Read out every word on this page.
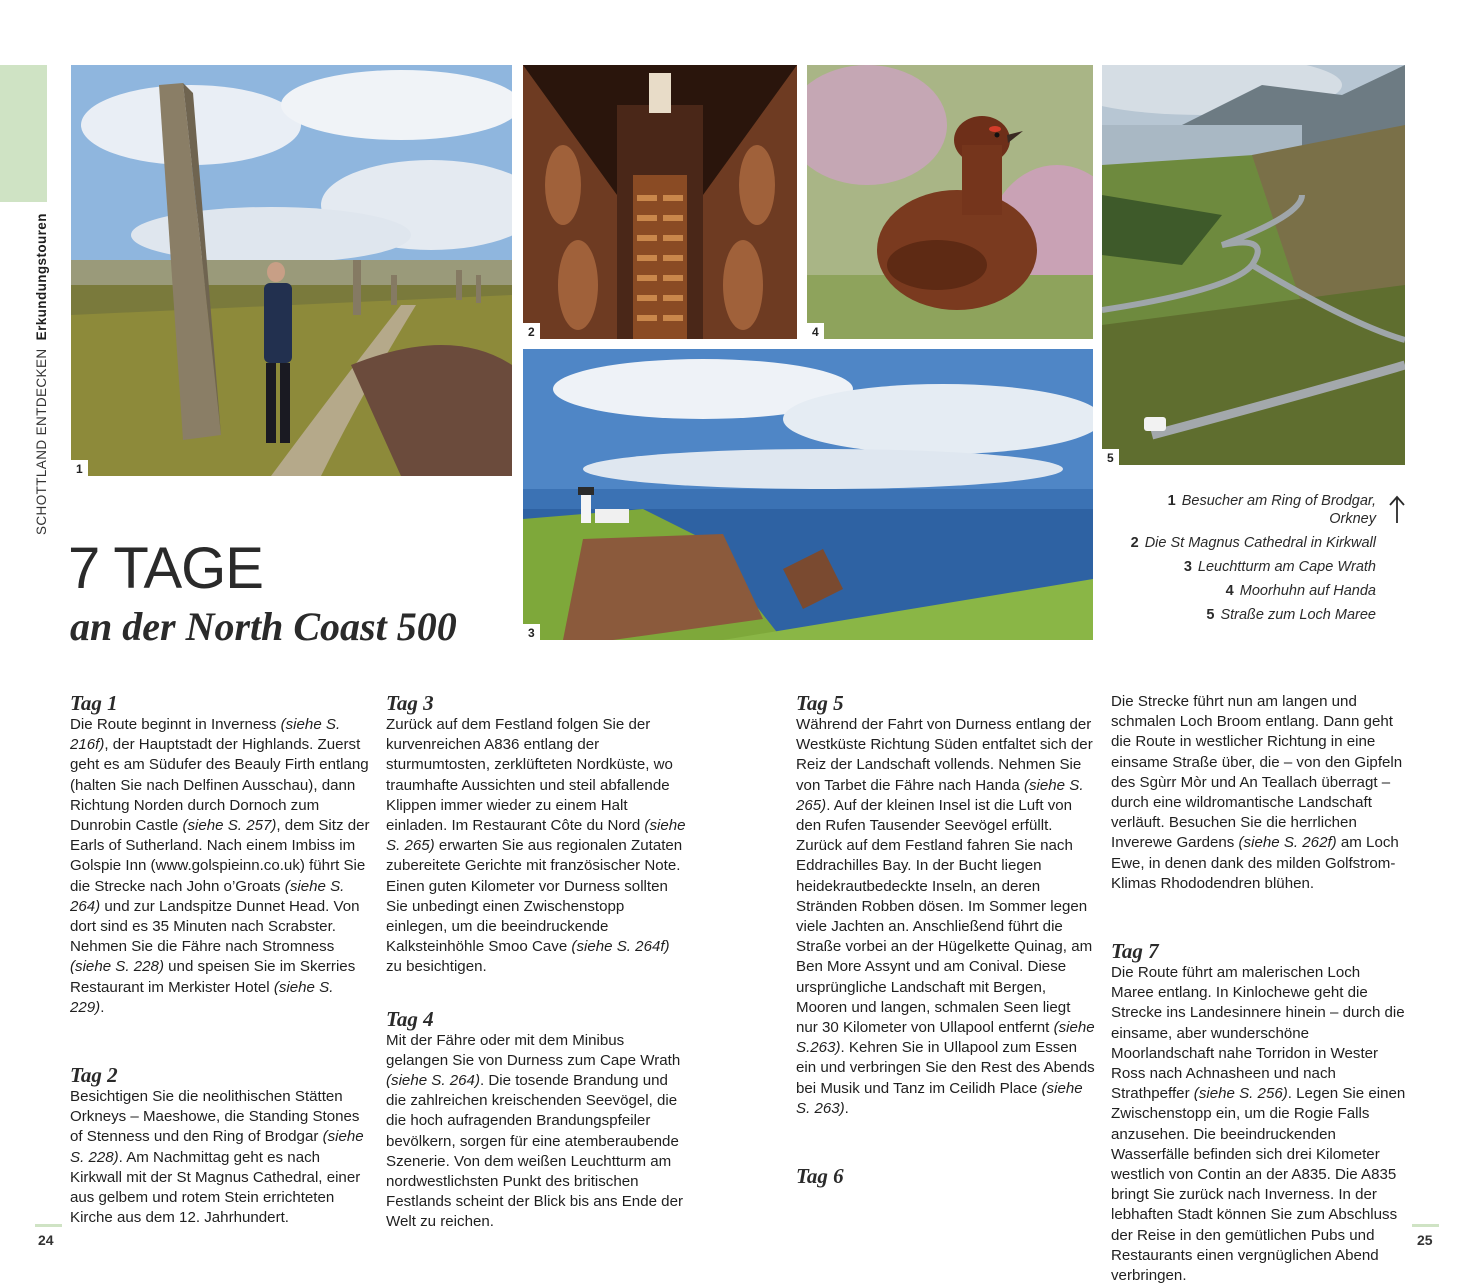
SCHOTTLAND ENTDECKEN Erkundungstouren
1
2	4
5
3
7 TAGE
an der North Coast 500
1 Besucher am Ring of Brodgar, Orkney
2 Die St Magnus Cathedral in Kirkwall
3 Leuchtturm am Cape Wrath
4 Moorhuhn auf Handa
5 Straße zum Loch Maree
Tag 1

Die Route beginnt in Inverness (siehe S. 216f), der Hauptstadt der Highlands. Zuerst geht es am Südufer des Beauly Firth entlang (halten Sie nach Delfinen Ausschau), dann Richtung Norden durch Dornoch zum Dunrobin Castle (siehe S. 257), dem Sitz der Earls of Sutherland. Nach einem Imbiss im Golspie Inn (www.golspieinn.co.uk) führt Sie die Strecke nach John o’Groats (siehe S. 264) und zur Landspitze Dunnet Head. Von dort sind es 35 Minuten nach Scrabster. Nehmen Sie die Fähre nach Stromness (siehe S. 228) und speisen Sie im Skerries Restaurant im Merkister Hotel (siehe S. 229).

Tag 2

Besichtigen Sie die neolithischen Stätten Orkneys – Maeshowe, die Standing Stones of Stenness und den Ring of Brodgar (siehe S. 228). Am Nachmittag geht es nach Kirkwall mit der St Magnus Cathedral, einer aus gelbem und rotem Stein errichteten Kirche aus dem 12. Jahrhundert.

Tag 3

Zurück auf dem Festland folgen Sie der kurvenreichen A836 entlang der sturmumtosten, zerklüfteten Nordküste, wo traumhafte Aussichten und steil abfallende Klippen immer wieder zu einem Halt einladen. Im Restaurant Côte du Nord (siehe S. 265) erwarten Sie aus regionalen Zutaten zubereitete Gerichte mit französischer Note. Einen guten Kilometer vor Durness sollten Sie unbedingt einen Zwischenstopp einlegen, um die beeindruckende Kalksteinhöhle Smoo Cave (siehe S. 264f) zu besichtigen.

Tag 4

Mit der Fähre oder mit dem Minibus gelangen Sie von Durness zum Cape Wrath (siehe S. 264). Die tosende Brandung und die zahlreichen kreischenden Seevögel, die die hoch aufragenden Brandungspfeiler bevölkern, sorgen für eine atemberaubende Szenerie. Von dem weißen Leuchtturm am nordwestlichsten Punkt des britischen Festlands scheint der Blick bis ans Ende der Welt zu reichen.

Tag 5

Während der Fahrt von Durness entlang der Westküste Richtung Süden entfaltet sich der Reiz der Landschaft vollends. Nehmen Sie von Tarbet die Fähre nach Handa (siehe S. 265). Auf der kleinen Insel ist die Luft von den Rufen Tausender Seevögel erfüllt. Zurück auf dem Festland fahren Sie nach Eddrachilles Bay. In der Bucht liegen heidekrautbedeckte Inseln, an deren Stränden Robben dösen. Im Sommer legen viele Jachten an. Anschließend führt die Straße vorbei an der Hügelkette Quinag, am Ben More Assynt und am Conival. Diese ursprüngliche Landschaft mit Bergen, Mooren und langen, schmalen Seen liegt nur 30 Kilometer von Ullapool entfernt (siehe S.263). Kehren Sie in Ullapool zum Essen ein und verbringen Sie den Rest des Abends bei Musik und Tanz im Ceilidh Place (siehe S. 263).

Tag 6

Die Strecke führt nun am langen und schmalen Loch Broom entlang. Dann geht die Route in westlicher Richtung in eine einsame Straße über, die – von den Gipfeln des Sgùrr Mòr und An Teallach überragt – durch eine wildromantische Landschaft verläuft. Besuchen Sie die herrlichen Inverewe Gardens (siehe S. 262f) am Loch Ewe, in denen dank des milden Golfstrom-Klimas Rhododendren blühen.

Tag 7

Die Route führt am malerischen Loch Maree entlang. In Kinlochewe geht die Strecke ins Landesinnere hinein – durch die einsame, aber wunderschöne Moorlandschaft nahe Torridon in Wester Ross nach Achnasheen und nach Strathpeffer (siehe S. 256). Legen Sie einen Zwischenstopp ein, um die Rogie Falls anzusehen. Die beeindruckenden Wasserfälle befinden sich drei Kilometer westlich von Contin an der A835. Die A835 bringt Sie zurück nach Inverness. In der lebhaften Stadt können Sie zum Abschluss der Reise in den gemütlichen Pubs und Restaurants einen vergnüglichen Abend verbringen.

24	25
